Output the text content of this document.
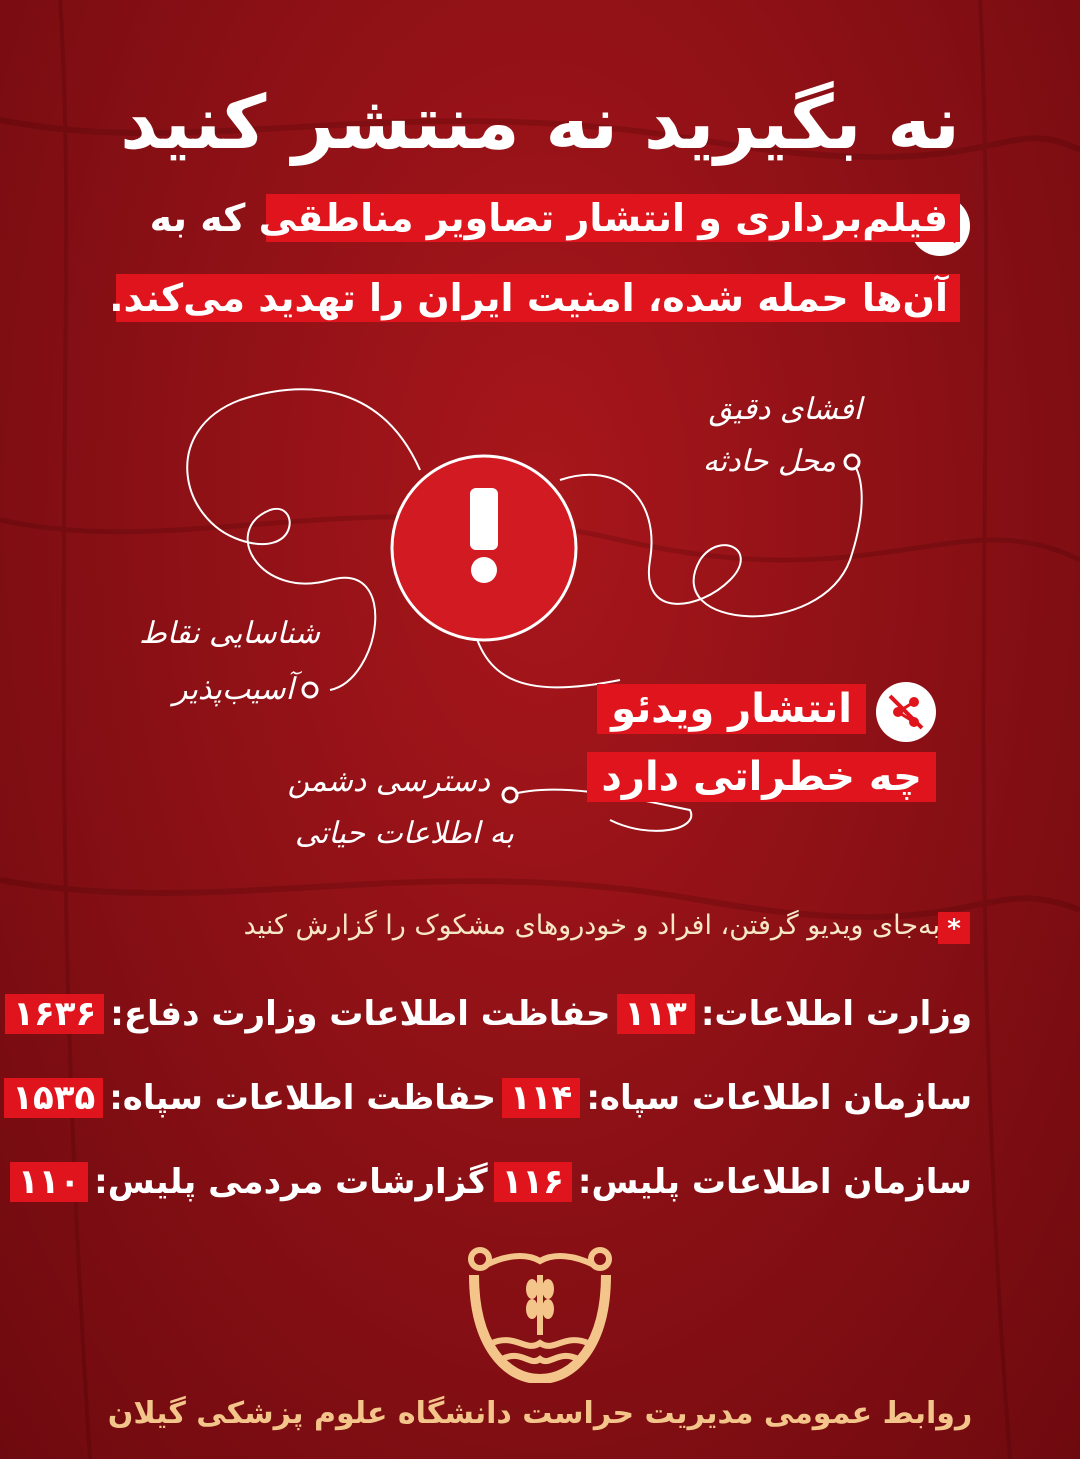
نه بگیرید نه منتشر کنید
فیلم‌برداری و انتشار تصاویر مناطقی که به
آن‌ها حمله شده، امنیت ایران را تهدید می‌کند.
افشای دقیق
محل حادثه
شناسایی نقاط
آسیب‌پذیر
دسترسی دشمن
به اطلاعات حیاتی
انتشار ویدئو
چه خطراتی دارد
*
به‌جای ویدیو گرفتن، افراد و خودروهای مشکوک را گزارش کنید
وزارت اطلاعات:
۱۱۳
حفاظت اطلاعات وزارت دفاع:
۱۶۳۶
سازمان اطلاعات سپاه:
۱۱۴
حفاظت اطلاعات سپاه:
۱۵۳۵
سازمان اطلاعات پلیس:
۱۱۶
گزارشات مردمی پلیس:
۱۱۰
روابط عمومی مدیریت حراست دانشگاه علوم پزشکی گیلان
